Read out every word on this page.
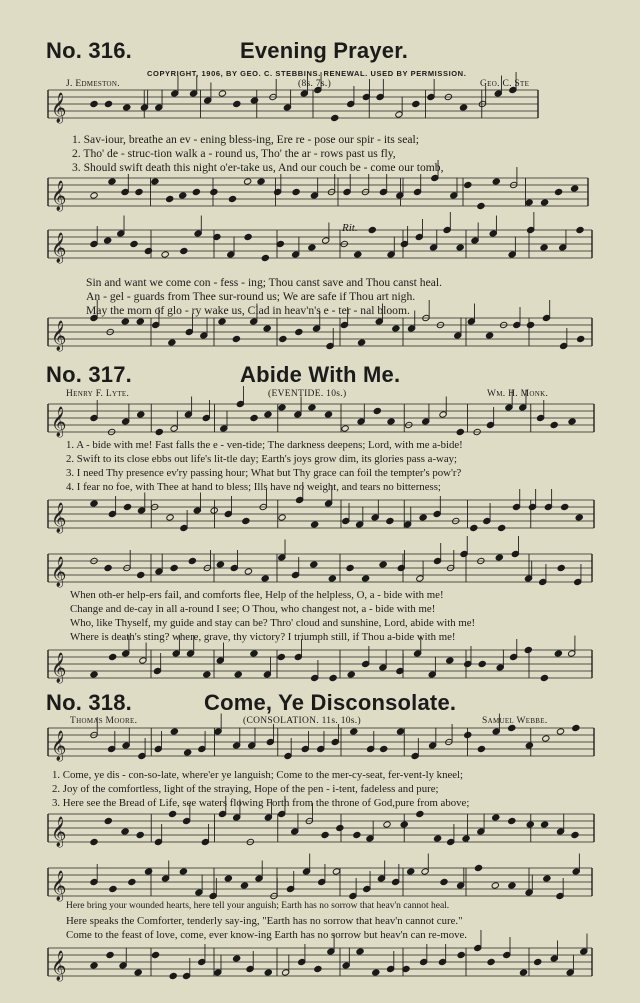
𝄞
𝄞
𝄞
𝄞
𝄞
𝄞
𝄞
𝄞
𝄞
𝄞
𝄞
𝄞
No. 316.	Evening Prayer.
COPYRIGHT, 1906, BY GEO. C. STEBBINS. RENEWAL. USED BY PERMISSION.
J. Edmeston.	(8s. 7s.)	Geo. C. Ste
1. Sav-iour, breathe an ev - ening bless-ing, Ere re - pose our spir - its seal;
2. Tho' de - struc-tion walk a - round us, Tho' the ar - rows past us fly,
3. Should swift death this night o'er-take us, And our couch be - come our tomb,
Rit.
Sin and want we come con - fess - ing; Thou canst save and Thou canst heal.
An - gel - guards from Thee sur-round us; We are safe if Thou art nigh.
May the morn of glo - ry wake us, Clad in heav'n's e - ter - nal bloom.
No. 317.	Abide With Me.
Henry F. Lyte.	(EVENTIDE. 10s.)	Wm. H. Monk.
1. A - bide with me! Fast falls the e - ven-tide; The darkness deepens; Lord, with me a-bide!
2. Swift to its close ebbs out life's lit-tle day; Earth's joys grow dim, its glories pass a-way;
3. I need Thy presence ev'ry passing hour; What but Thy grace can foil the tempter's pow'r?
4. I fear no foe, with Thee at hand to bless; Ills have no weight, and tears no bitterness;
When oth-er help-ers fail, and comforts flee, Help of the helpless, O, a - bide with me!
Change and de-cay in all a-round I see; O Thou, who changest not, a - bide with me!
Who, like Thyself, my guide and stay can be? Thro' cloud and sunshine, Lord, abide with me!
Where is death's sting? where, grave, thy victory? I triumph still, if Thou a-bide with me!
No. 318.	Come, Ye Disconsolate.
Thomas Moore.	(CONSOLATION. 11s. 10s.)	Samuel Webbe.
1. Come, ye dis - con-so-late, where'er ye languish; Come to the mer-cy-seat, fer-vent-ly kneel;
2. Joy of the comfortless, light of the straying, Hope of the pen - i-tent, fadeless and pure;
3. Here see the Bread of Life, see waters flowing Forth from the throne of God,pure from above;
Here bring your wounded hearts, here tell your anguish; Earth has no sorrow that heav'n cannot heal.
Here speaks the Comforter, tenderly say-ing, "Earth has no sorrow that heav'n cannot cure."
Come to the feast of love, come, ever know-ing Earth has no sorrow but heav'n can re-move.
